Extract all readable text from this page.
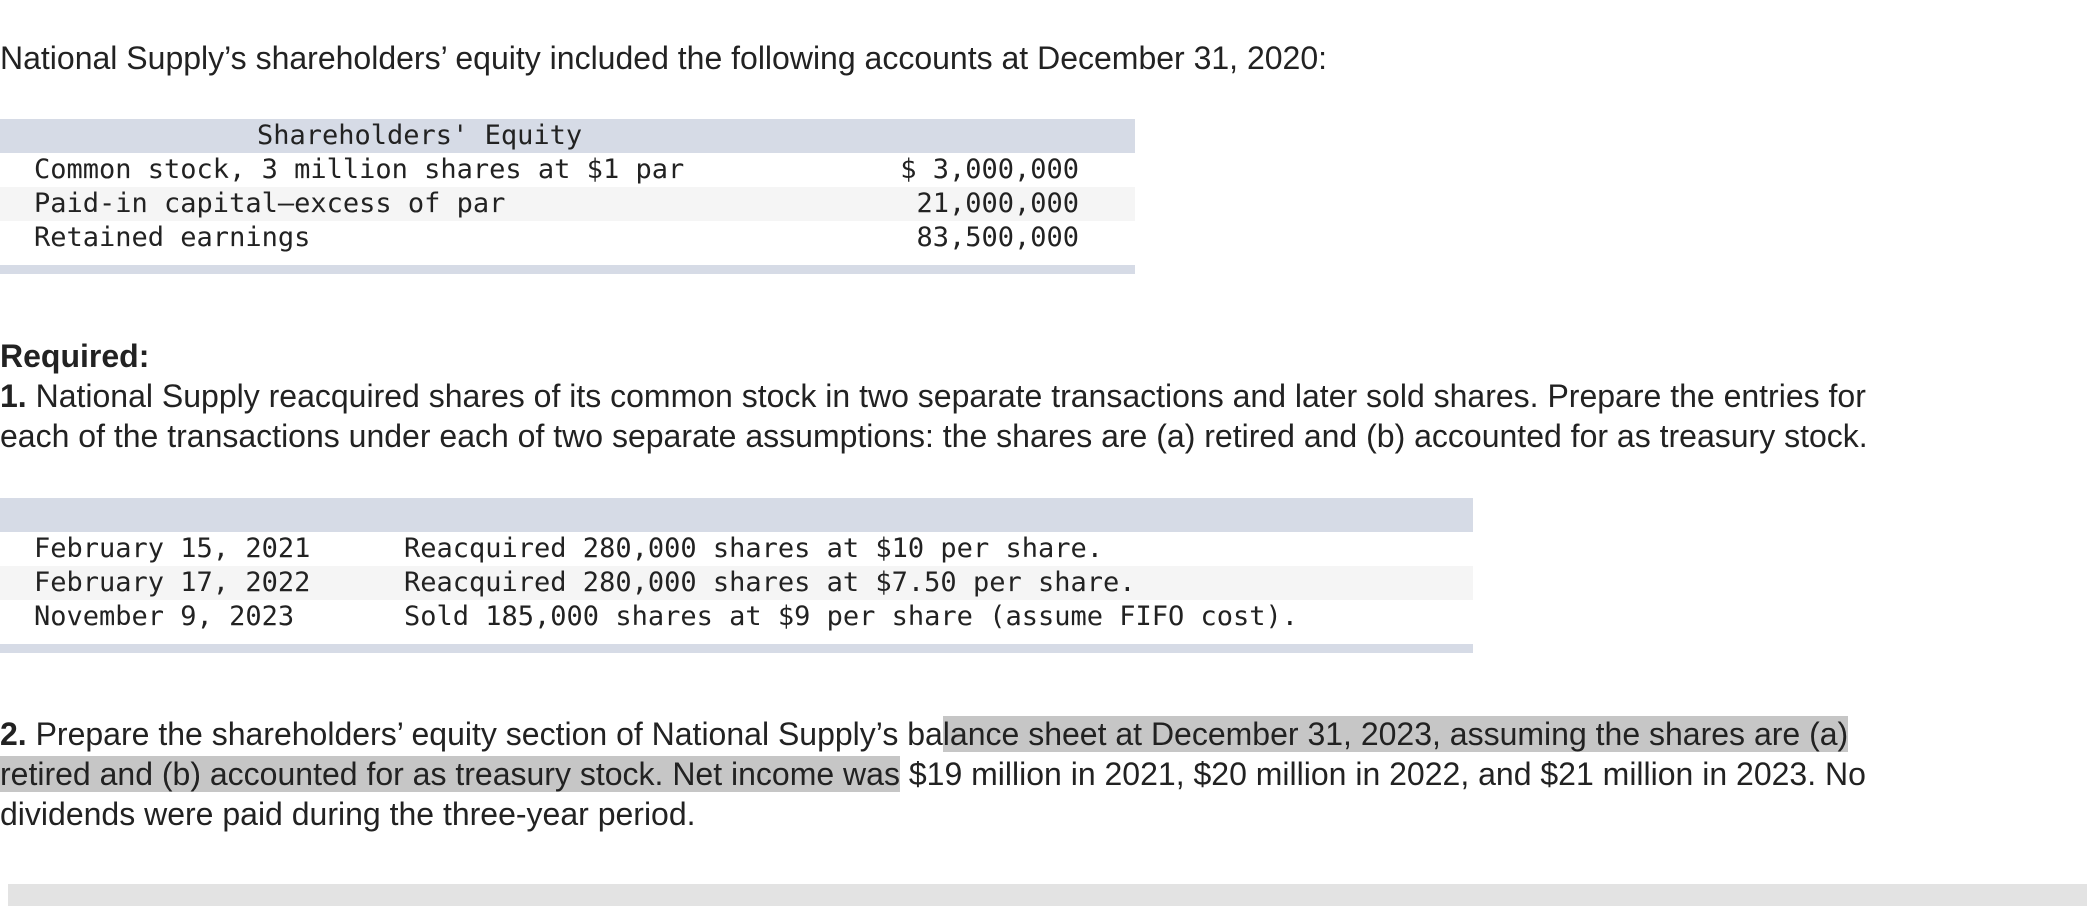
National Supply’s shareholders’ equity included the following accounts at December 31, 2020:

Shareholders' Equity
Common stock, 3 million shares at $1 par	$ 3,000,000
Paid-in capital—excess of par	21,000,000
Retained earnings	83,500,000

Required:

1. National Supply reacquired shares of its common stock in two separate transactions and later sold shares. Prepare the entries for

each of the transactions under each of two separate assumptions: the shares are (a) retired and (b) accounted for as treasury stock.

February 15, 2021	Reacquired 280,000 shares at $10 per share.
February 17, 2022	Reacquired 280,000 shares at $7.50 per share.
November 9, 2023	Sold 185,000 shares at $9 per share (assume FIFO cost).

2. Prepare the shareholders’ equity section of National Supply’s balance sheet at December 31, 2023, assuming the shares are (a)

retired and (b) accounted for as treasury stock. Net income was $19 million in 2021, $20 million in 2022, and $21 million in 2023. No

dividends were paid during the three-year period.
